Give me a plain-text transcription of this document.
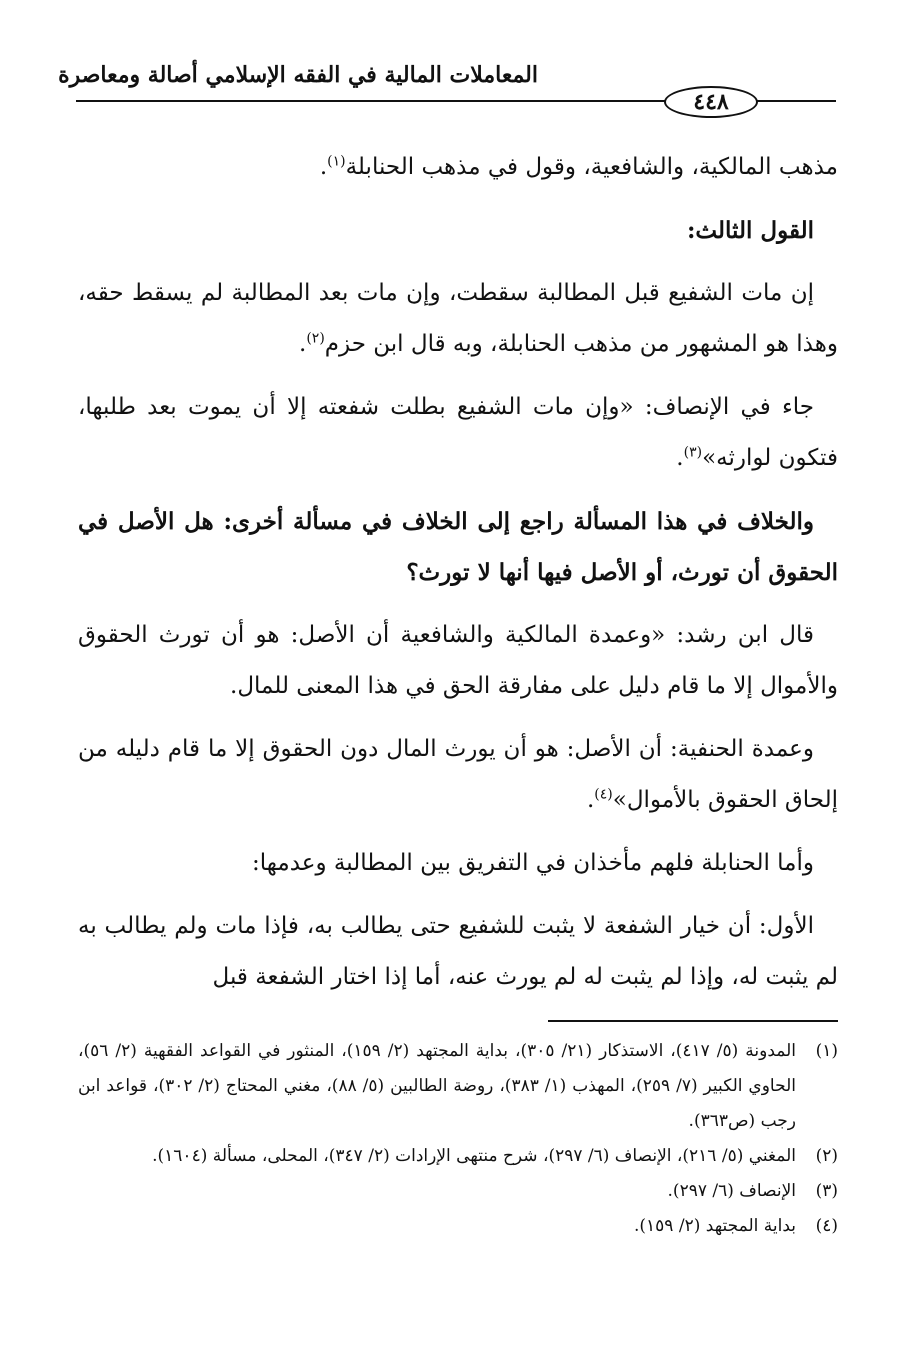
المعاملات المالية في الفقه الإسلامي أصالة ومعاصرة
٤٤٨

مذهب المالكية، والشافعية، وقول في مذهب الحنابلة$^{(١)}$.

القول الثالث:

إن مات الشفيع قبل المطالبة سقطت، وإن مات بعد المطالبة لم يسقط حقه، وهذا هو المشهور من مذهب الحنابلة، وبه قال ابن حزم$^{(٢)}$.

جاء في الإنصاف: «وإن مات الشفيع بطلت شفعته إلا أن يموت بعد طلبها، فتكون لوارثه»$^{(٣)}$.

والخلاف في هذا المسألة راجع إلى الخلاف في مسألة أخرى: هل الأصل في الحقوق أن تورث، أو الأصل فيها أنها لا تورث؟

قال ابن رشد: «وعمدة المالكية والشافعية أن الأصل: هو أن تورث الحقوق والأموال إلا ما قام دليل على مفارقة الحق في هذا المعنى للمال.

وعمدة الحنفية: أن الأصل: هو أن يورث المال دون الحقوق إلا ما قام دليله من إلحاق الحقوق بالأموال»$^{(٤)}$.

وأما الحنابلة فلهم مأخذان في التفريق بين المطالبة وعدمها:

الأول: أن خيار الشفعة لا يثبت للشفيع حتى يطالب به، فإذا مات ولم يطالب به لم يثبت له، وإذا لم يثبت له لم يورث عنه، أما إذا اختار الشفعة قبل

(١)
المدونة (٥/ ٤١٧)، الاستذكار (٢١/ ٣٠٥)، بداية المجتهد (٢/ ١٥٩)، المنثور في القواعد الفقهية (٢/ ٥٦)، الحاوي الكبير (٧/ ٢٥٩)، المهذب (١/ ٣٨٣)، روضة الطالبين (٥/ ٨٨)، مغني المحتاج (٢/ ٣٠٢)، قواعد ابن رجب (ص٣٦٣).
(٢)
المغني (٥/ ٢١٦)، الإنصاف (٦/ ٢٩٧)، شرح منتهى الإرادات (٢/ ٣٤٧)، المحلى، مسألة (١٦٠٤).
(٣)
الإنصاف (٦/ ٢٩٧).
(٤)
بداية المجتهد (٢/ ١٥٩).
